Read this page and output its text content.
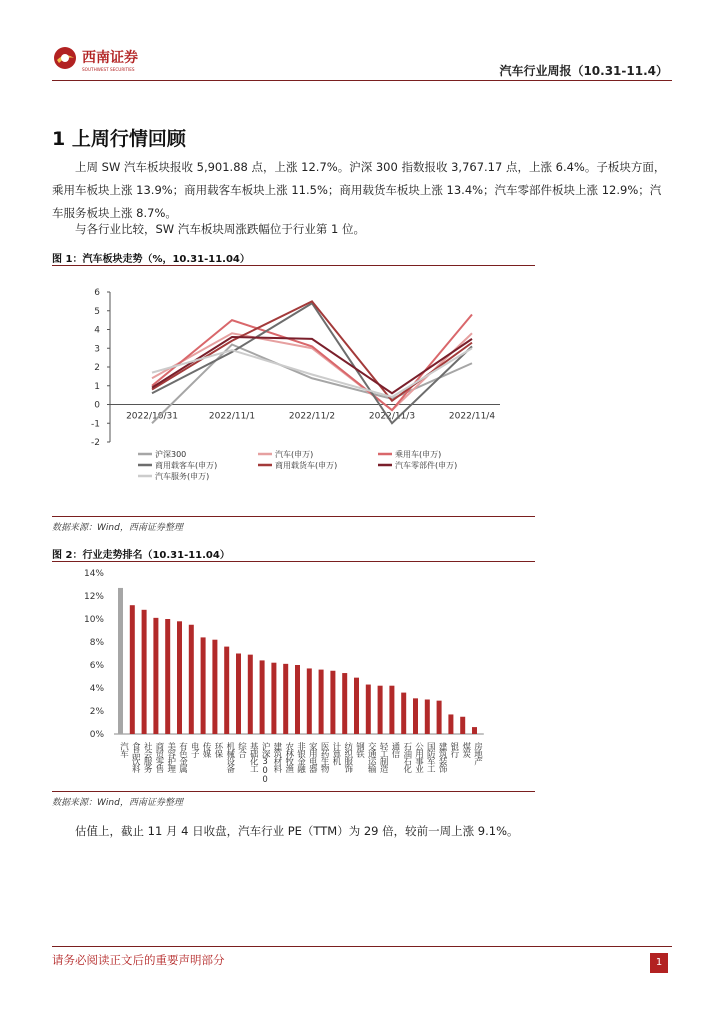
西南证券
SOUTHWEST SECURITIES	汽车行业周报（10.31-11.4）
1 上周行情回顾
上周 SW 汽车板块报收 5,901.88 点，上涨 12.7%。沪深 300 指数报收 3,767.17 点，上涨 6.4%。子板块方面，乘用车板块上涨 13.9%；商用载客车板块上涨 11.5%；商用载货车板块上涨 13.4%；汽车零部件板块上涨 12.9%；汽车服务板块上涨 8.7%。
与各行业比较，SW 汽车板块周涨跌幅位于行业第 1 位。
图 1：汽车板块走势（%，10.31-11.04）
-2
-1
0
1
2
3
4
5
6
2022/10/31	2022/11/1	2022/11/2	2022/11/3	2022/11/4
沪深300	汽车(申万)	乘用车(申万)
商用载客车(申万)	商用载货车(申万)	汽车零部件(申万)
汽车服务(申万)
数据来源：Wind，西南证券整理
图 2：行业走势排名（10.31-11.04）
0%
2%
4%
6%
8%
10%
12%
14%
汽车 食品饮料 社会服务 商贸零售 美容护理 有色金属 电子 传媒 环保 机械设备 综合 基础化工 沪深300 建筑材料 农林牧渔 非银金融 家用电器 医药生物 计算机 纺织服饰 钢铁 交通运输 轻工制造 通信 石油石化 公用事业 国防军工 建筑装饰 银行 煤炭 房地产
数据来源：Wind，西南证券整理
估值上，截止 11 月 4 日收盘，汽车行业 PE（TTM）为 29 倍，较前一周上涨 9.1%。
请务必阅读正文后的重要声明部分	1
